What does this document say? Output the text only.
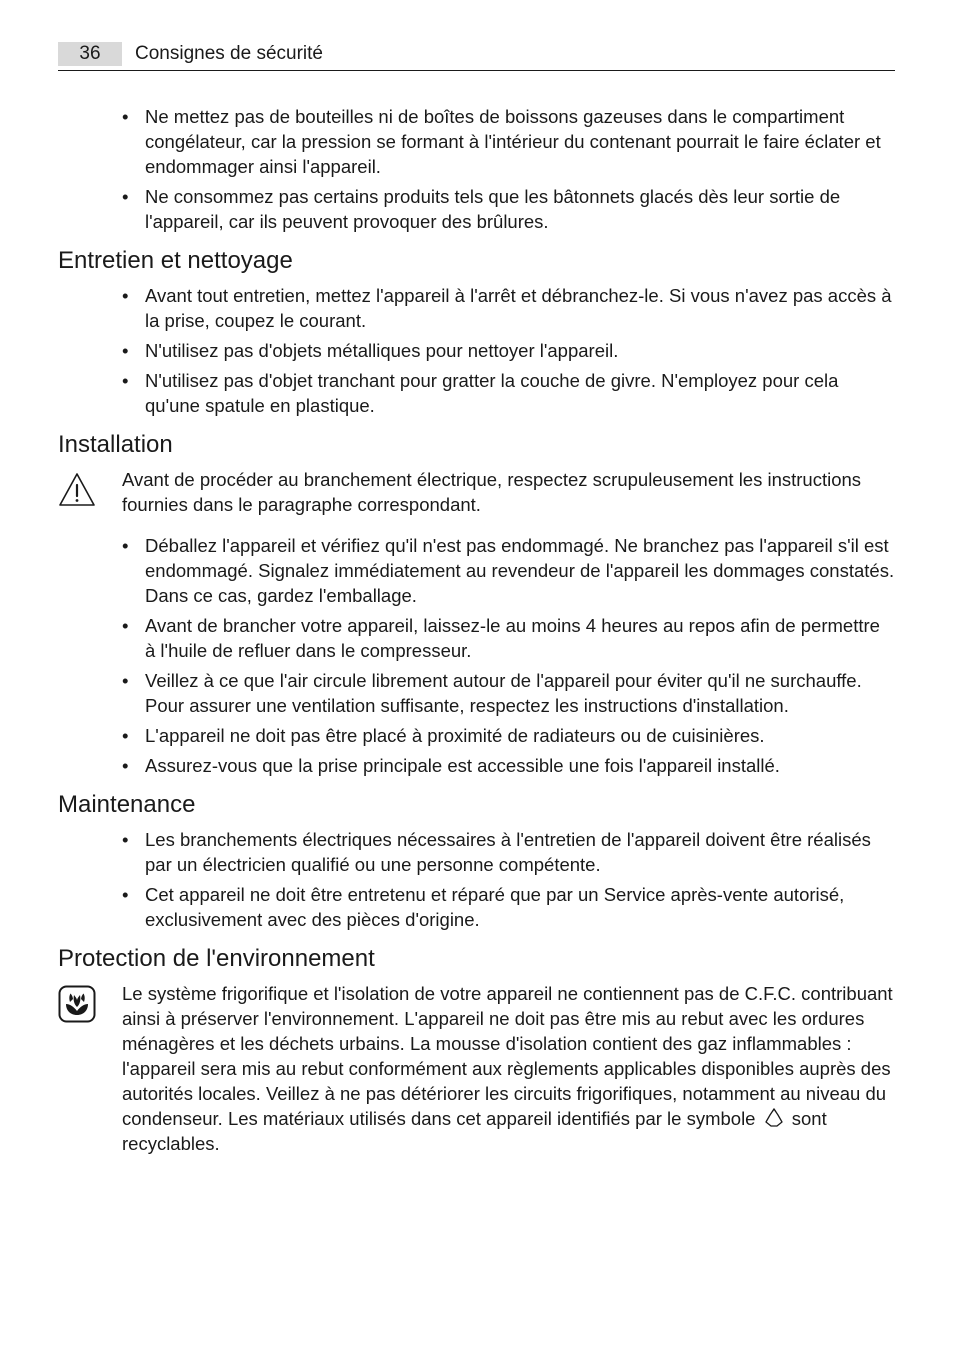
36	Consignes de sécurité
• Ne mettez pas de bouteilles ni de boîtes de boissons gazeuses dans le compartiment congélateur, car la pression se formant à l'intérieur du contenant pourrait le faire éclater et endommager ainsi l'appareil.
• Ne consommez pas certains produits tels que les bâtonnets glacés dès leur sortie de l'appareil, car ils peuvent provoquer des brûlures.
Entretien et nettoyage
• Avant tout entretien, mettez l'appareil à l'arrêt et débranchez-le. Si vous n'avez pas accès à la prise, coupez le courant.
• N'utilisez pas d'objets métalliques pour nettoyer l'appareil.
• N'utilisez pas d'objet tranchant pour gratter la couche de givre. N'employez pour cela qu'une spatule en plastique.
Installation
Avant de procéder au branchement électrique, respectez scrupuleusement les instructions fournies dans le paragraphe correspondant.
• Déballez l'appareil et vérifiez qu'il n'est pas endommagé. Ne branchez pas l'appareil s'il est endommagé. Signalez immédiatement au revendeur de l'appareil les dommages constatés. Dans ce cas, gardez l'emballage.
• Avant de brancher votre appareil, laissez-le au moins 4 heures au repos afin de permettre à l'huile de refluer dans le compresseur.
• Veillez à ce que l'air circule librement autour de l'appareil pour éviter qu'il ne surchauffe. Pour assurer une ventilation suffisante, respectez les instructions d'installation.
• L'appareil ne doit pas être placé à proximité de radiateurs ou de cuisinières.
• Assurez-vous que la prise principale est accessible une fois l'appareil installé.
Maintenance
• Les branchements électriques nécessaires à l'entretien de l'appareil doivent être réalisés par un électricien qualifié ou une personne compétente.
• Cet appareil ne doit être entretenu et réparé que par un Service après-vente autorisé, exclusivement avec des pièces d'origine.
Protection de l'environnement
Le système frigorifique et l'isolation de votre appareil ne contiennent pas de C.F.C. contribuant ainsi à préserver l'environnement. L'appareil ne doit pas être mis au rebut avec les ordures ménagères et les déchets urbains. La mousse d'isolation contient des gaz inflammables : l'appareil sera mis au rebut conformément aux règlements applicables disponibles auprès des autorités locales. Veillez à ne pas détériorer les circuits frigorifiques, notamment au niveau du condenseur. Les matériaux utilisés dans cet appareil identifiés par le symbole sont recyclables.
